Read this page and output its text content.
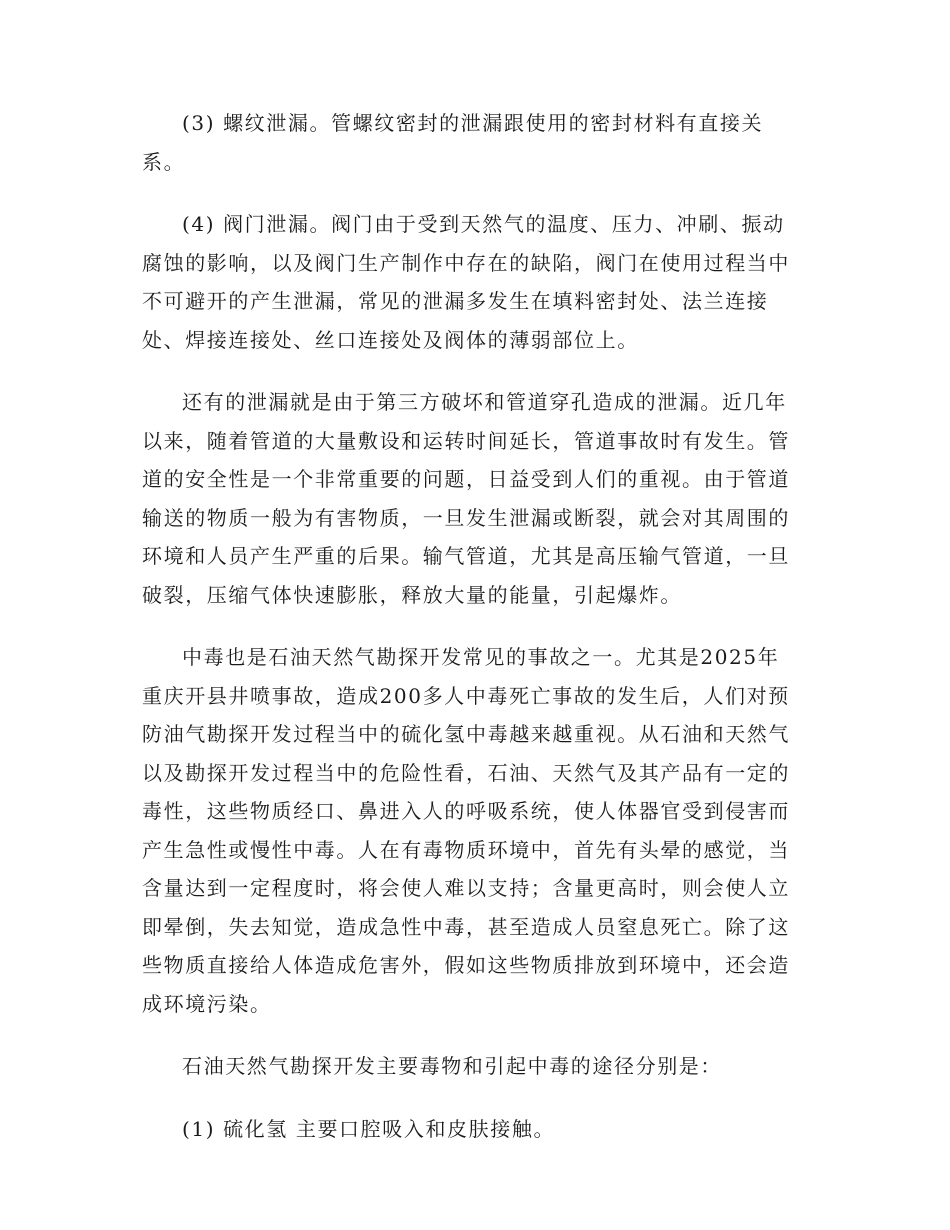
(3) 螺纹泄漏。管螺纹密封的泄漏跟使用的密封材料有直接关
系。

(4) 阀门泄漏。阀门由于受到天然气的温度、压力、冲刷、振动
腐蚀的影响，以及阀门生产制作中存在的缺陷，阀门在使用过程当中
不可避开的产生泄漏，常见的泄漏多发生在填料密封处、法兰连接
处、焊接连接处、丝口连接处及阀体的薄弱部位上。

还有的泄漏就是由于第三方破坏和管道穿孔造成的泄漏。近几年
以来，随着管道的大量敷设和运转时间延长，管道事故时有发生。管
道的安全性是一个非常重要的问题，日益受到人们的重视。由于管道
输送的物质一般为有害物质，一旦发生泄漏或断裂，就会对其周围的
环境和人员产生严重的后果。输气管道，尤其是高压输气管道，一旦
破裂，压缩气体快速膨胀，释放大量的能量，引起爆炸。

中毒也是石油天然气勘探开发常见的事故之一。尤其是2025年
重庆开县井喷事故，造成200多人中毒死亡事故的发生后，人们对预
防油气勘探开发过程当中的硫化氢中毒越来越重视。从石油和天然气
以及勘探开发过程当中的危险性看，石油、天然气及其产品有一定的
毒性，这些物质经口、鼻进入人的呼吸系统，使人体器官受到侵害而
产生急性或慢性中毒。人在有毒物质环境中，首先有头晕的感觉，当
含量达到一定程度时，将会使人难以支持；含量更高时，则会使人立
即晕倒，失去知觉，造成急性中毒，甚至造成人员窒息死亡。除了这
些物质直接给人体造成危害外，假如这些物质排放到环境中，还会造
成环境污染。

石油天然气勘探开发主要毒物和引起中毒的途径分别是：

(1) 硫化氢 主要口腔吸入和皮肤接触。
